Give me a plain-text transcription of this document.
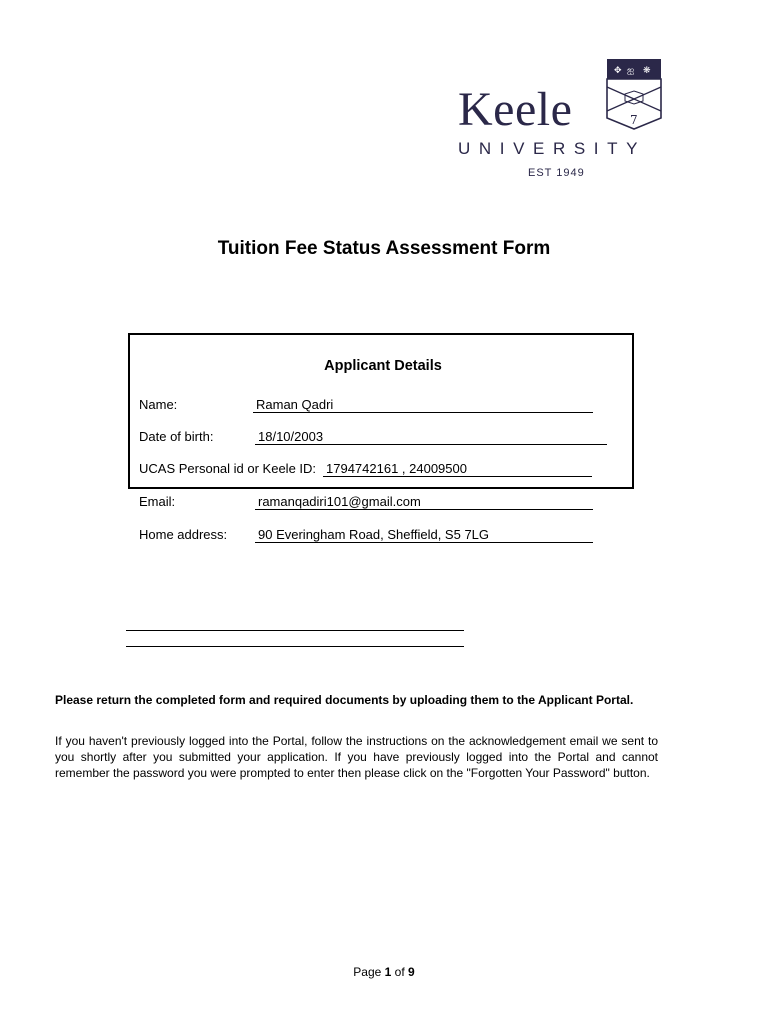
Keele
UNIVERSITY
EST 1949
✥ ஐ ❋
7
Tuition Fee Status Assessment Form
Applicant Details
Name:	Raman Qadri
Date of birth:	18/10/2003
UCAS Personal id or Keele ID: 1794742161 , 24009500
Email:	ramanqadiri101@gmail.com
Home address: 90 Everingham Road, Sheffield, S5 7LG
Please return the completed form and required documents by uploading them to the Applicant Portal.

If you haven't previously logged into the Portal, follow the instructions on the acknowledgement email we sent to you shortly after you submitted your application. If you have previously logged into the Portal and cannot remember the password you were prompted to enter then please click on the "Forgotten Your Password" button.

Page 1 of 9
